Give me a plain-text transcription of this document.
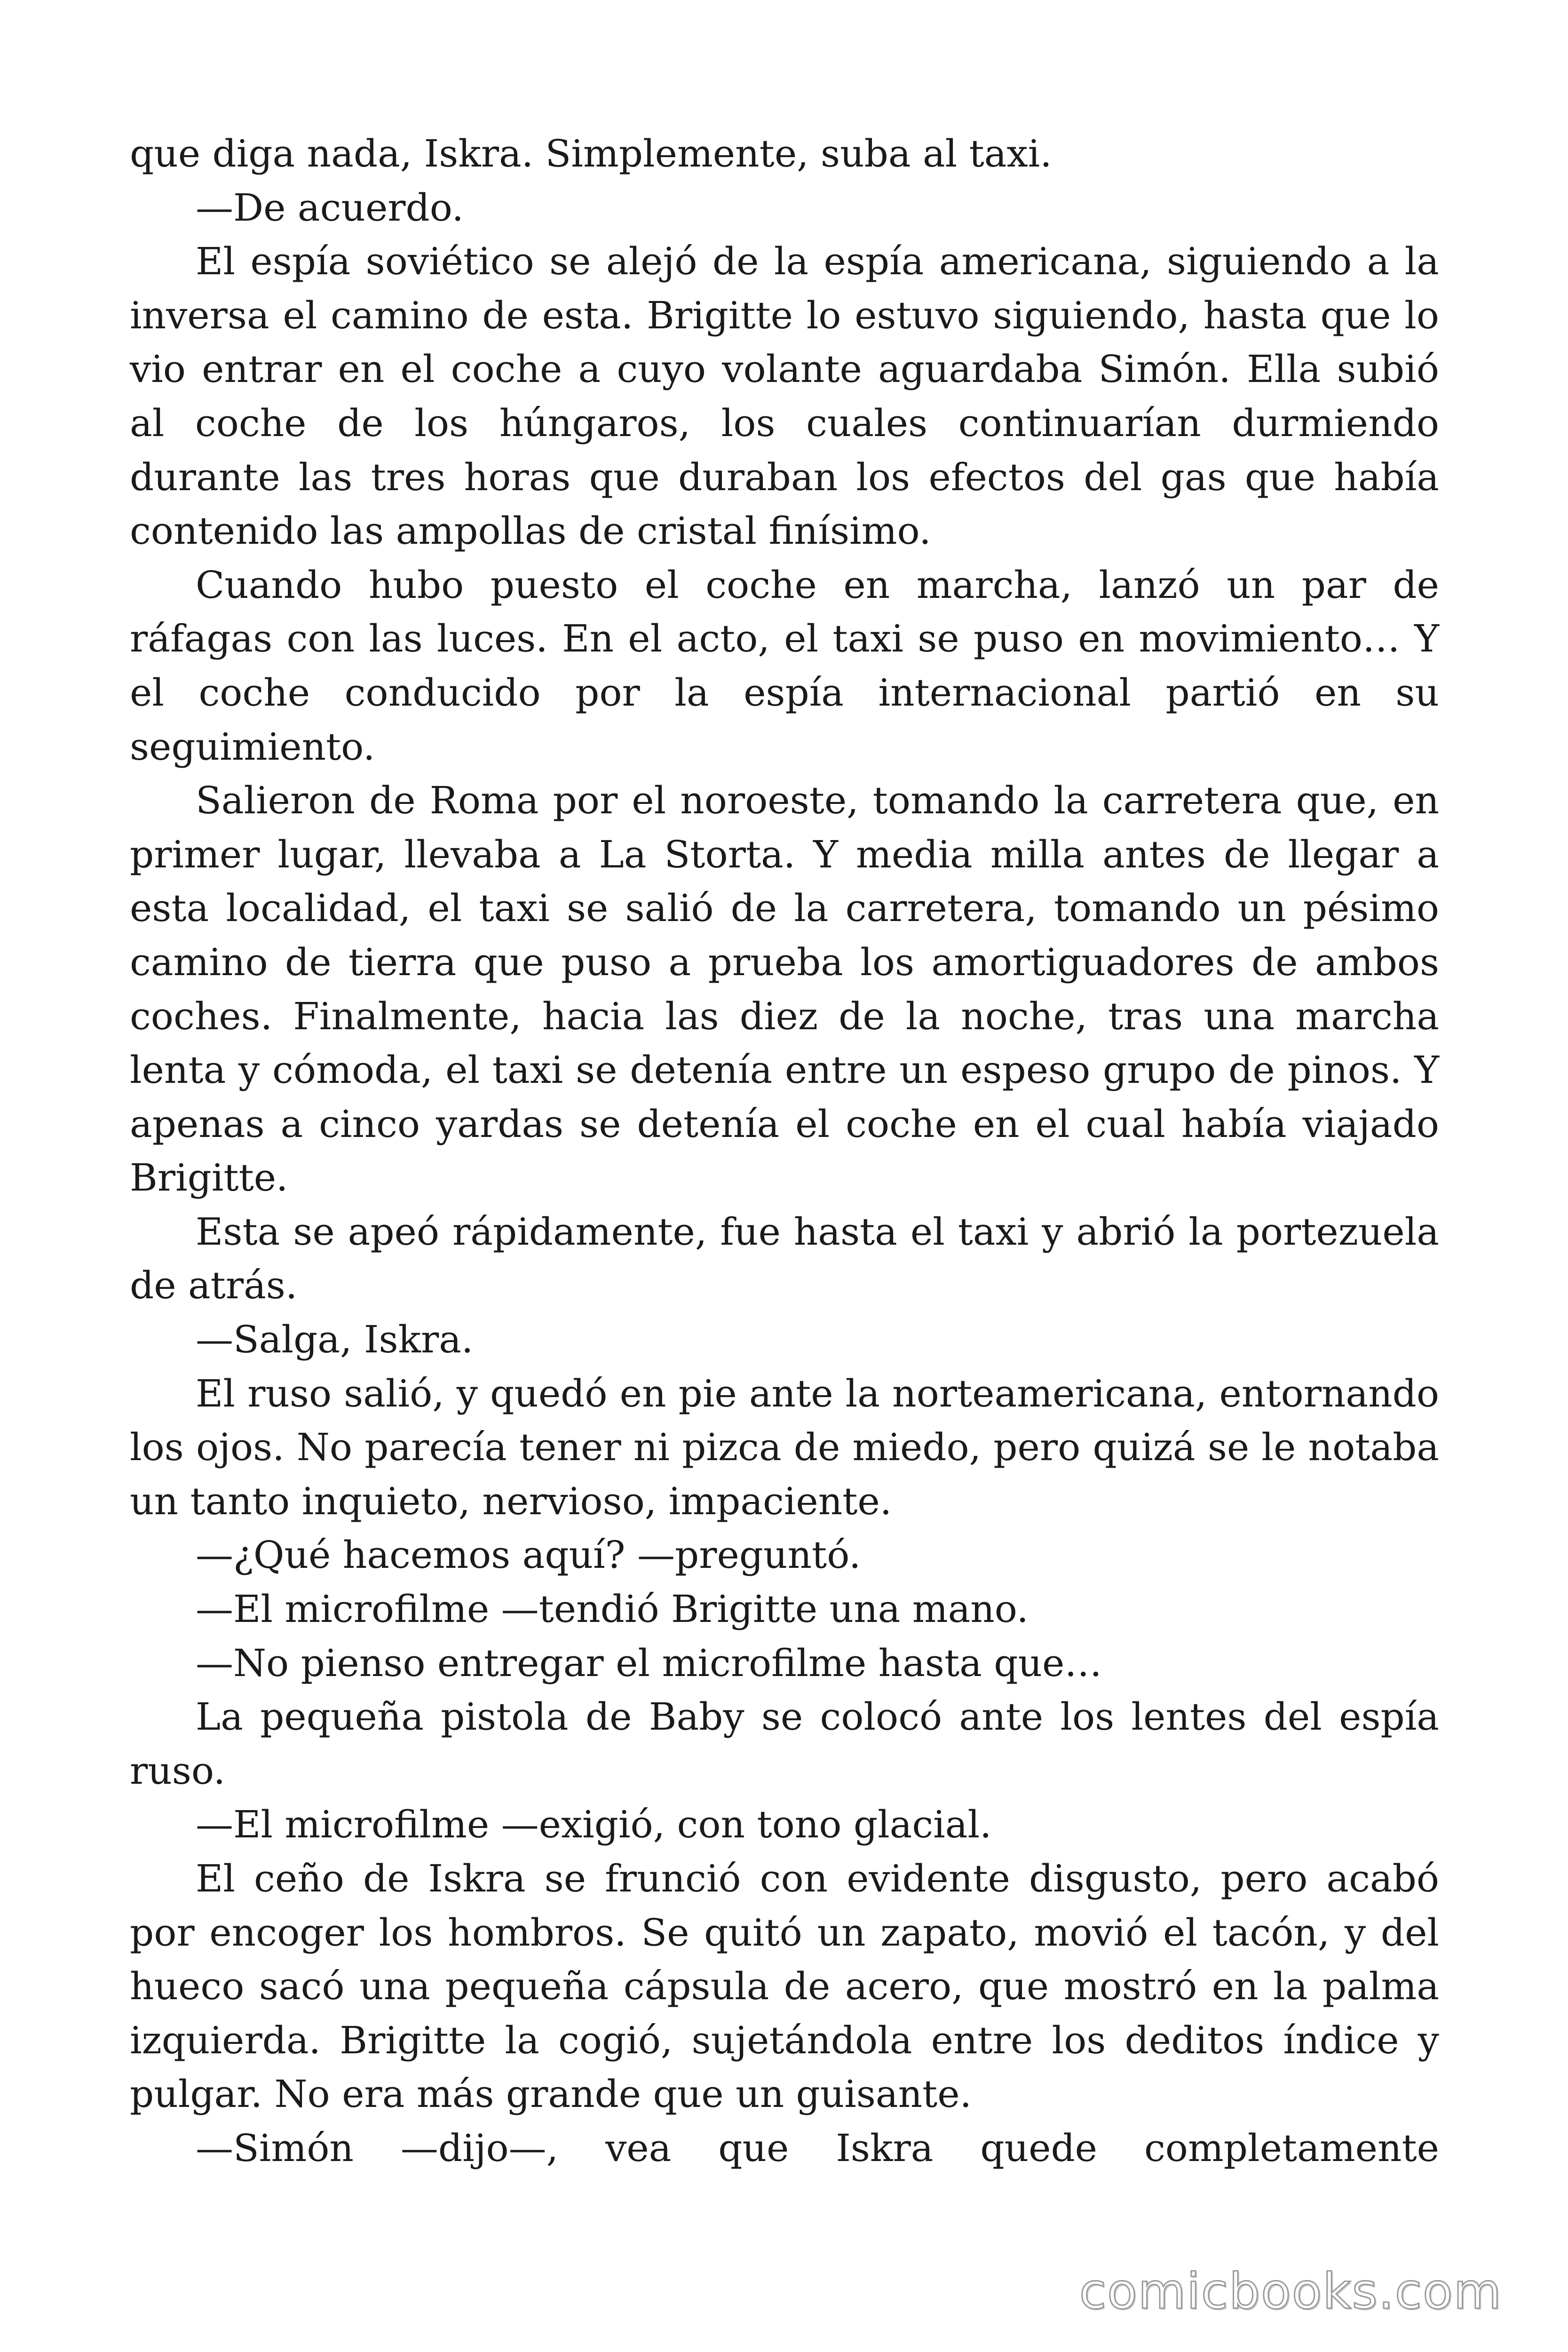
que diga nada, Iskra. Simplemente, suba al taxi.

—De acuerdo.

El espía soviético se alejó de la espía americana, siguiendo a la inversa el camino de esta. Brigitte lo estuvo siguiendo, hasta que lo vio entrar en el coche a cuyo volante aguardaba Simón. Ella subió al coche de los húngaros, los cuales continuarían durmiendo durante las tres horas que duraban los efectos del gas que había contenido las ampollas de cristal finísimo.

Cuando hubo puesto el coche en marcha, lanzó un par de ráfagas con las luces. En el acto, el taxi se puso en movimiento… Y el coche conducido por la espía internacional partió en su seguimiento.

Salieron de Roma por el noroeste, tomando la carretera que, en primer lugar, llevaba a La Storta. Y media milla antes de llegar a esta localidad, el taxi se salió de la carretera, tomando un pésimo camino de tierra que puso a prueba los amortiguadores de ambos coches. Finalmente, hacia las diez de la noche, tras una marcha lenta y cómoda, el taxi se detenía entre un espeso grupo de pinos. Y apenas a cinco yardas se detenía el coche en el cual había viajado Brigitte.

Esta se apeó rápidamente, fue hasta el taxi y abrió la portezuela de atrás.

—Salga, Iskra.

El ruso salió, y quedó en pie ante la norteamericana, entornando los ojos. No parecía tener ni pizca de miedo, pero quizá se le notaba un tanto inquieto, nervioso, impaciente.

—¿Qué hacemos aquí? —preguntó.

—El microfilme —tendió Brigitte una mano.

—No pienso entregar el microfilme hasta que…

La pequeña pistola de Baby se colocó ante los lentes del espía ruso.

—El microfilme —exigió, con tono glacial.

El ceño de Iskra se frunció con evidente disgusto, pero acabó por encoger los hombros. Se quitó un zapato, movió el tacón, y del hueco sacó una pequeña cápsula de acero, que mostró en la palma izquierda. Brigitte la cogió, sujetándola entre los deditos índice y pulgar. No era más grande que un guisante.

—Simón —dijo—, vea que Iskra quede completamente

comicbooks.com
